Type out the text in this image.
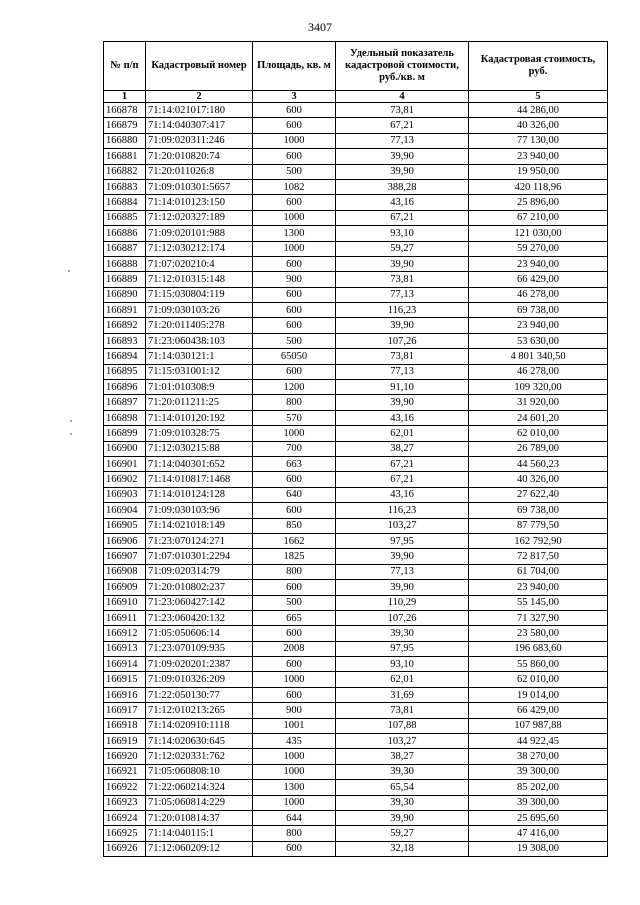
3407
№ п/п	Кадастровый номер	Площадь, кв. м	Удельный показатель кадастровой стоимости, руб./кв. м	Кадастровая стоимость, руб.
1	2	3	4	5
166878	71:14:021017:180	600	73,81	44 286,00
166879	71:14:040307:417	600	67,21	40 326,00
166880	71:09:020311:246	1000	77,13	77 130,00
166881	71:20:010820:74	600	39,90	23 940,00
166882	71:20:011026:8	500	39,90	19 950,00
166883	71:09:010301:5657	1082	388,28	420 118,96
166884	71:14:010123:150	600	43,16	25 896,00
166885	71:12:020327:189	1000	67,21	67 210,00
166886	71:09:020101:988	1300	93,10	121 030,00
166887	71:12:030212:174	1000	59,27	59 270,00
166888	71:07:020210:4	600	39,90	23 940,00
166889	71:12:010315:148	900	73,81	66 429,00
166890	71:15:030804:119	600	77,13	46 278,00
166891	71:09:030103:26	600	116,23	69 738,00
166892	71:20:011405:278	600	39,90	23 940,00
166893	71:23:060438:103	500	107,26	53 630,00
166894	71:14:030121:1	65050	73,81	4 801 340,50
166895	71:15:031001:12	600	77,13	46 278,00
166896	71:01:010308:9	1200	91,10	109 320,00
166897	71:20:011211:25	800	39,90	31 920,00
166898	71:14:010120:192	570	43,16	24 601,20
166899	71:09:010328:75	1000	62,01	62 010,00
166900	71:12:030215:88	700	38,27	26 789,00
166901	71:14:040301:652	663	67,21	44 560,23
166902	71:14:010817:1468	600	67,21	40 326,00
166903	71:14:010124:128	640	43,16	27 622,40
166904	71:09:030103:96	600	116,23	69 738,00
166905	71:14:021018:149	850	103,27	87 779,50
166906	71:23:070124:271	1662	97,95	162 792,90
166907	71:07:010301:2294	1825	39,90	72 817,50
166908	71:09:020314:79	800	77,13	61 704,00
166909	71:20:010802:237	600	39,90	23 940,00
166910	71:23:060427:142	500	110,29	55 145,00
166911	71:23:060420:132	665	107,26	71 327,90
166912	71:05:050606:14	600	39,30	23 580,00
166913	71:23:070109:935	2008	97,95	196 683,60
166914	71:09:020201:2387	600	93,10	55 860,00
166915	71:09:010326:209	1000	62,01	62 010,00
166916	71:22:050130:77	600	31,69	19 014,00
166917	71:12:010213:265	900	73,81	66 429,00
166918	71:14:020910:1118	1001	107,88	107 987,88
166919	71:14:020630:645	435	103,27	44 922,45
166920	71:12:020331:762	1000	38,27	38 270,00
166921	71:05:060808:10	1000	39,30	39 300,00
166922	71:22:060214:324	1300	65,54	85 202,00
166923	71:05:060814:229	1000	39,30	39 300,00
166924	71:20:010814:37	644	39,90	25 695,60
166925	71:14:040115:1	800	59,27	47 416,00
166926	71:12:060209:12	600	32,18	19 308,00
